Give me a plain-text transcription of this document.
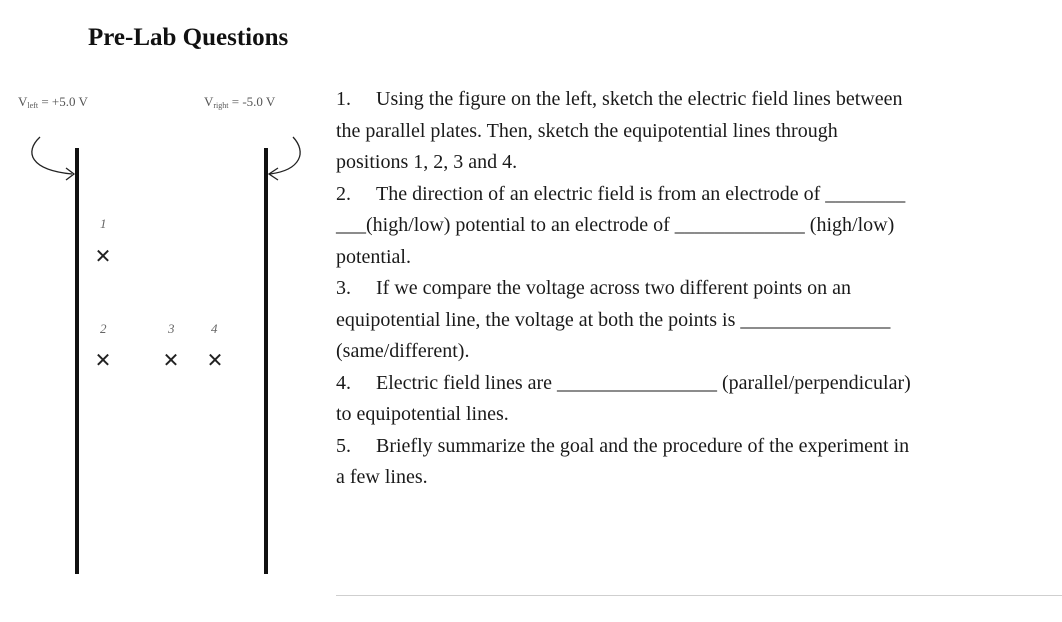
Pre-Lab Questions
✕
✕	✕ ✕
$V_{left} = +5.0$ V	$V_{right} = -5.0$ V
1
2	3	4
1. Using the figure on the left, sketch the electric field lines between
the parallel plates. Then, sketch the equipotential lines through
positions 1, 2, 3 and 4.
2. The direction of an electric field is from an electrode of ________
___(high/low) potential to an electrode of _____________ (high/low)
potential.
3. If we compare the voltage across two different points on an
equipotential line, the voltage at both the points is _______________
(same/different).
4. Electric field lines are ________________ (parallel/perpendicular)
to equipotential lines.
5. Briefly summarize the goal and the procedure of the experiment in
a few lines.
